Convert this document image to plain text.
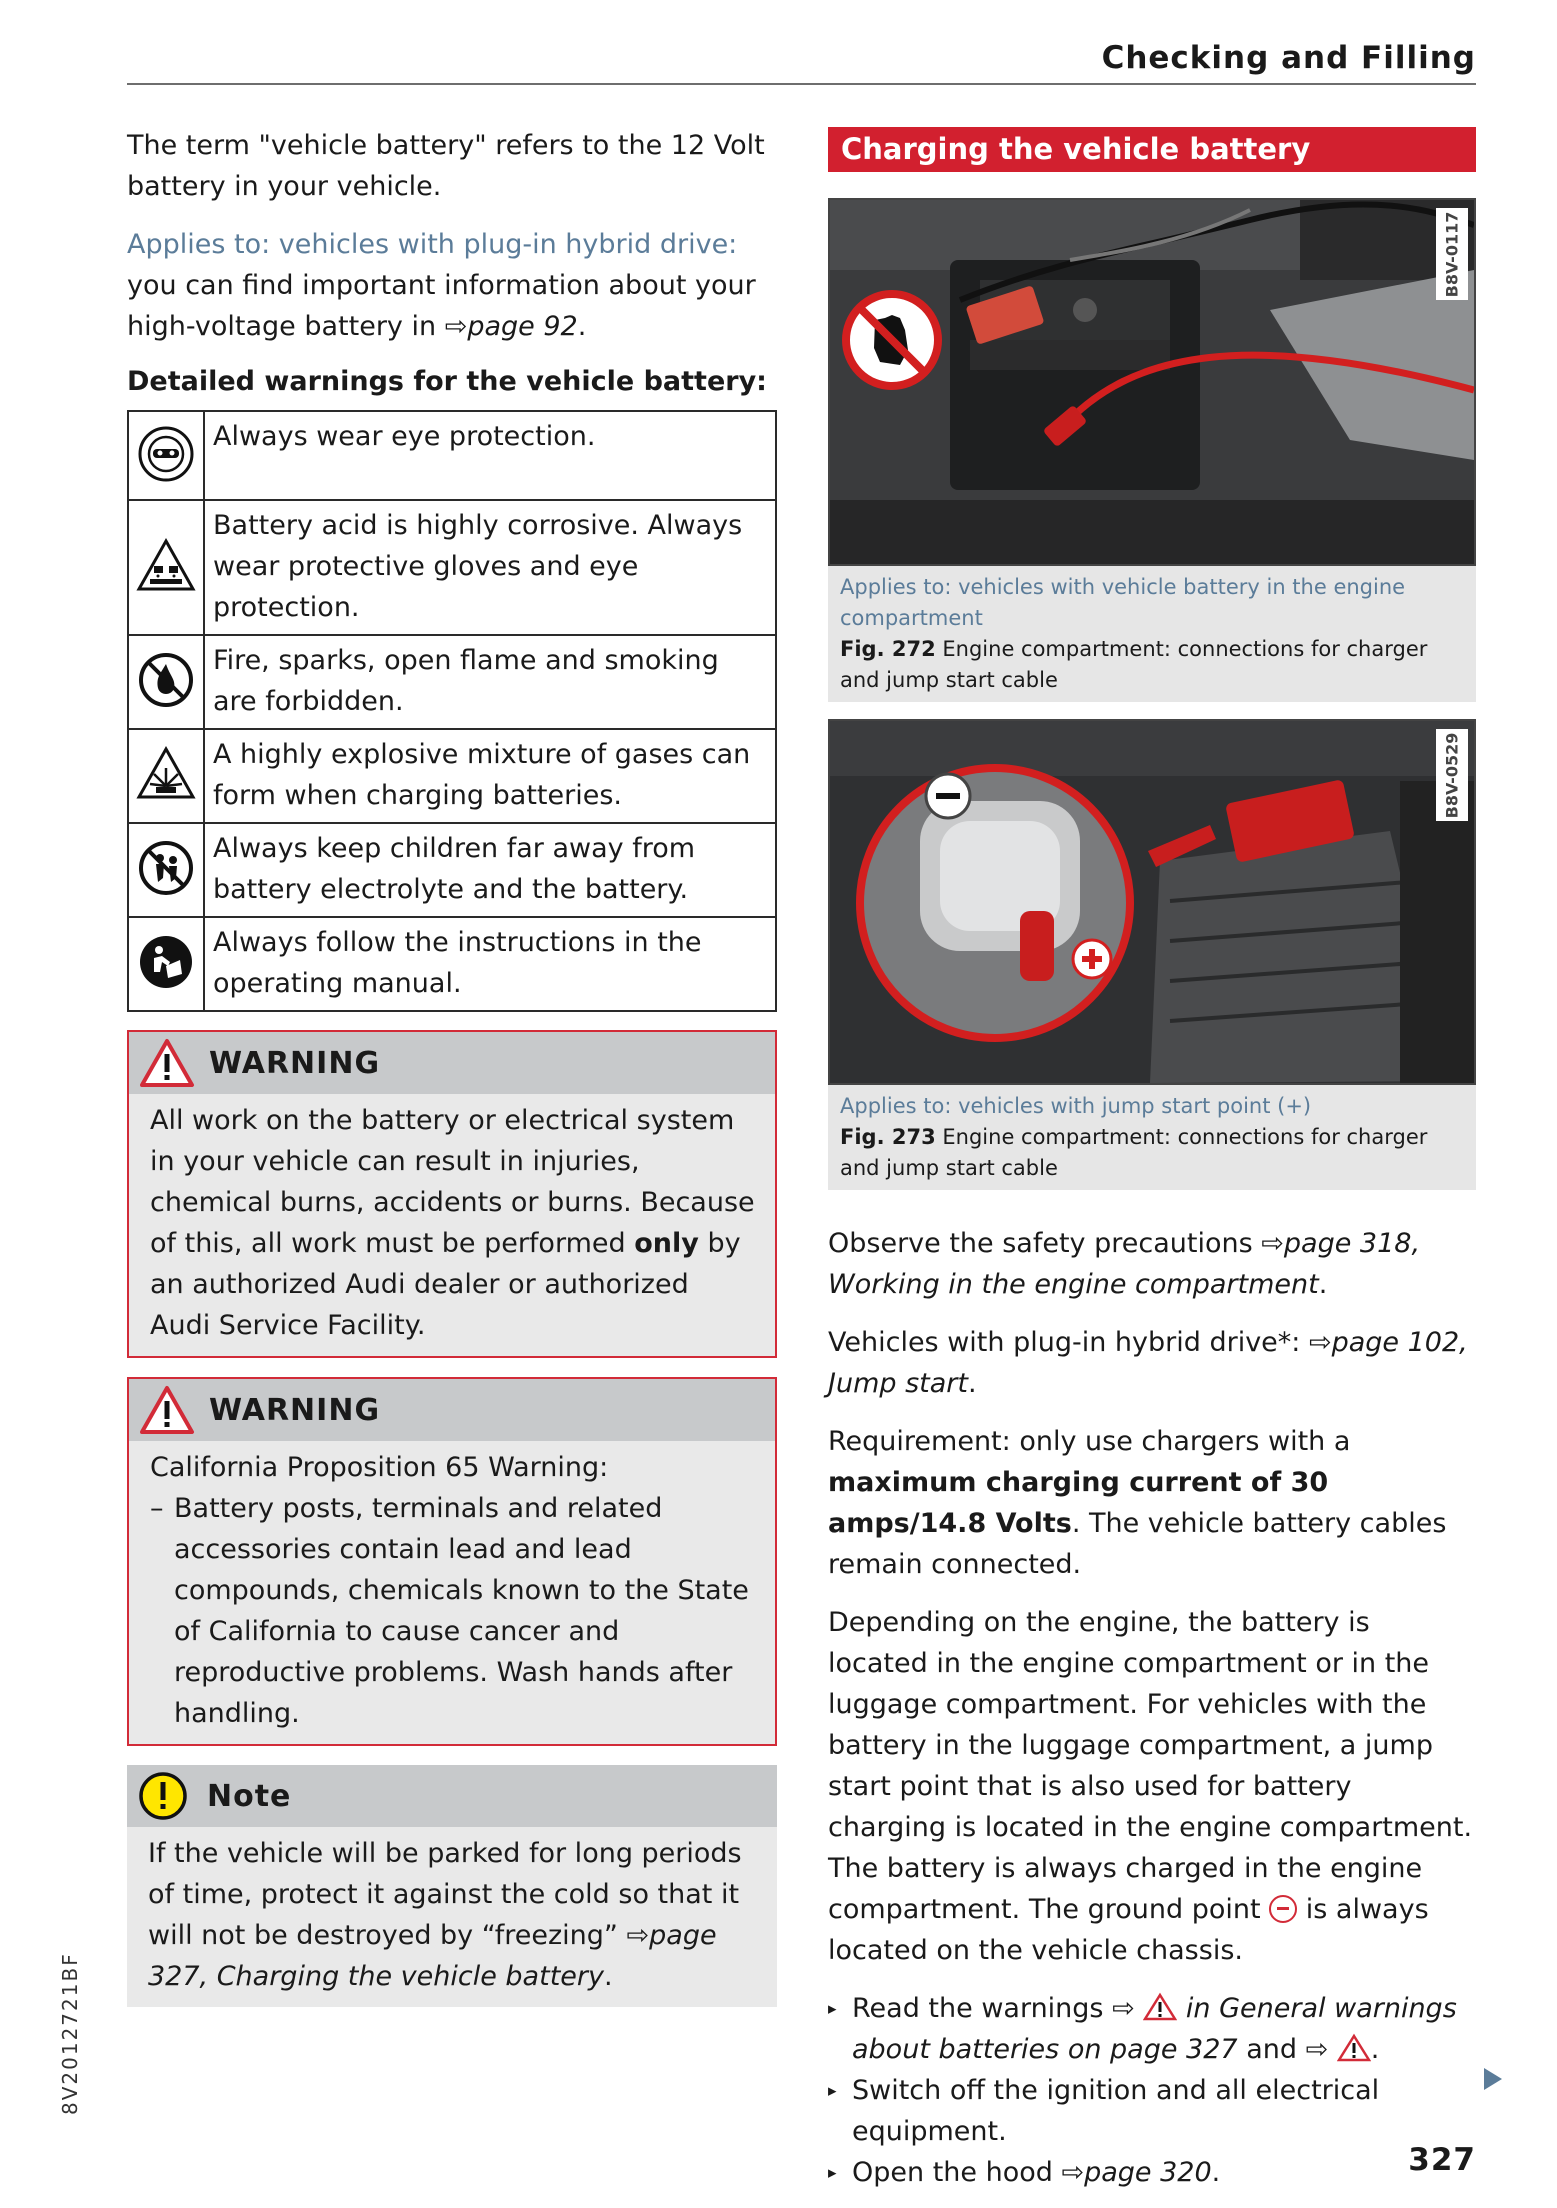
Checking and Filling

The term "vehicle battery" refers to the 12 Volt battery in your vehicle.

Applies to: vehicles with plug-in hybrid drive: you can find important information about your high-voltage battery in ⇨page 92.

Detailed warnings for the vehicle battery:
	Always wear eye protection.
	Battery acid is highly corrosive. Always wear protective gloves and eye protection.
	Fire, sparks, open flame and smoking are forbidden.
	A highly explosive mixture of gases can form when charging batteries.
	Always keep children far away from battery electrolyte and the battery.
	Always follow the instructions in the operating manual.
WARNING
All work on the battery or electrical system in your vehicle can result in injuries, chemical burns, accidents or burns. Because of this, all work must be performed only by an authorized Audi dealer or authorized Audi Service Facility.
WARNING
California Proposition 65 Warning:
– Battery posts, terminals and related accessories contain lead and lead compounds, chemicals known to the State of California to cause cancer and reproductive problems. Wash hands after handling.
Note
If the vehicle will be parked for long periods of time, protect it against the cold so that it will not be destroyed by “freezing” ⇨page 327, Charging the vehicle battery.
Charging the vehicle battery
B8V-0117
Applies to: vehicles with vehicle battery in the engine compartment
Fig. 272 Engine compartment: connections for charger and jump start cable
B8V-0529
Applies to: vehicles with jump start point (+)
Fig. 273 Engine compartment: connections for charger and jump start cable

Observe the safety precautions ⇨page 318, Working in the engine compartment.

Vehicles with plug-in hybrid drive*: ⇨page 102, Jump start.

Requirement: only use chargers with a maximum charging current of 30 amps/14.8 Volts. The vehicle battery cables remain connected.

Depending on the engine, the battery is located in the engine compartment or in the luggage compartment. For vehicles with the battery in the luggage compartment, a jump start point that is also used for battery charging is located in the engine compartment. The battery is always charged in the engine compartment. The ground point is always located on the vehicle chassis.

▸ Read the warnings ⇨ in General warnings about batteries on page 327 and ⇨ .
▸ Switch off the ignition and all electrical equipment.
▸ Open the hood ⇨page 320.
8V2012721BF
327
